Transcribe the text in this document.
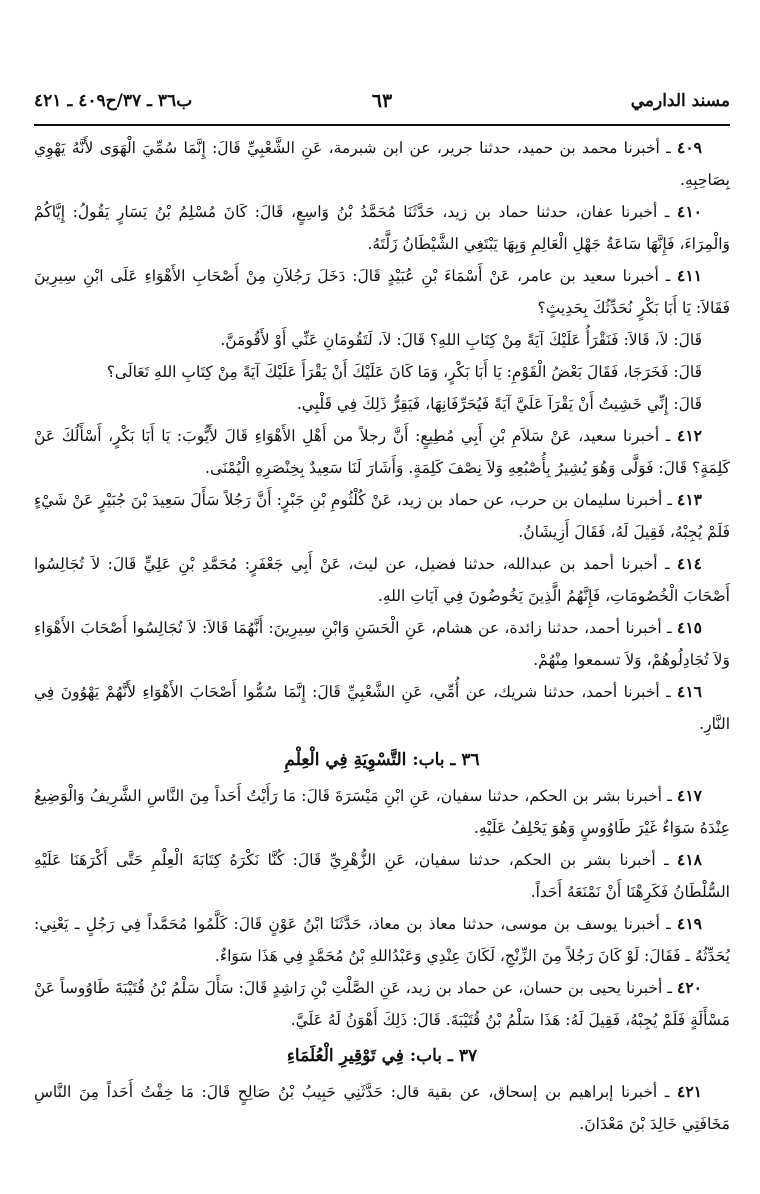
مسند الدارمي
٦٣
ب٣٦ ـ ٣٧/ح٤٠٩ ـ ٤٢١

٤٠٩ ـ أخبرنا محمد بن حميد، حدثنا جرير، عن ابن شبرمة، عَنِ الشَّعْبِيِّ قَالَ: إِنَّمَا سُمِّيَ الْهَوَى لأَنَّهُ يَهْوِي بِصَاحِبِهِ.

٤١٠ ـ أخبرنا عفان، حدثنا حماد بن زيد، حَدَّثَنَا مُحَمَّدُ بْنُ وَاسِعٍ، قَالَ: كَانَ مُسْلِمُ بْنُ يَسَارٍ يَقُولُ: إِيَّاكُمْ وَالْمِرَاءَ، فَإِنَّهَا سَاعَةُ جَهْلِ الْعَالِمِ وَبِهَا يَبْتَغِي الشَّيْطَانُ زَلَّتَهُ.

٤١١ ـ أخبرنا سعيد بن عامر، عَنْ أَسْمَاءَ بْنِ عُبَيْدٍ قَالَ: دَخَلَ رَجُلاَنِ مِنْ أَصْحَابِ الأَهْوَاءِ عَلَى ابْنِ سِيرِينَ فَقَالاَ: يَا أَبَا بَكْرٍ نُحَدِّثُكَ بِحَدِيثٍ؟

قَالَ: لاَ، قَالاَ: فَنَقْرَأُ عَلَيْكَ آيَةً مِنْ كِتَابِ اللهِ؟ قَالَ: لاَ، لَتَقُومَانِ عَنِّي أَوْ لأَقُومَنَّ.

قَالَ: فَخَرَجَا، فَقَالَ بَعْضُ الْقَوْمِ: يَا أَبَا بَكْرٍ، وَمَا كَانَ عَلَيْكَ أَنْ يَقْرَأَ عَلَيْكَ آيَةً مِنْ كِتَابِ اللهِ تَعَالَى؟

قَالَ: إِنِّي خَشِيتُ أَنْ يَقْرَآ عَلَيَّ آيَةً فَيُحَرِّفَانِهَا، فَيَقِرُّ ذَلِكَ فِي قَلْبِي.

٤١٢ ـ أخبرنا سعيد، عَنْ سَلاَمِ بْنِ أَبِي مُطِيعٍ: أَنَّ رجلاً من أَهْلِ الأَهْوَاءِ قَالَ لأَيُّوبَ: يَا أَبَا بَكْرٍ، أَسْأَلُكَ عَنْ كَلِمَةٍ؟ قَالَ: فَوَلَّى وَهُوَ يُشِيرُ بِأُصْبُعِهِ وَلاَ نِصْفَ كَلِمَةٍ. وَأَشَارَ لَنَا سَعِيدٌ بِخِنْصَرِهِ الْيُمْنَى.

٤١٣ ـ أخبرنا سليمان بن حرب، عن حماد بن زيد، عَنْ كُلْثُومِ بْنِ جَبْرٍ: أَنَّ رَجُلاً سَأَلَ سَعِيدَ بْنَ جُبَيْرٍ عَنْ شَيْءٍ فَلَمْ يُجِبْهُ، فَقِيلَ لَهُ، فَقَالَ أَزِيشَانُ.

٤١٤ ـ أخبرنا أحمد بن عبدالله، حدثنا فضيل، عن ليث، عَنْ أَبِي جَعْفَرٍ: مُحَمَّدِ بْنِ عَلِيٍّ قَالَ: لاَ تُجَالِسُوا أَصْحَابَ الْخُصُومَاتِ، فَإِنَّهُمُ الَّذِينَ يَخُوضُونَ فِي آيَاتِ اللهِ.

٤١٥ ـ أخبرنا أحمد، حدثنا زائدة، عن هشام، عَنِ الْحَسَنِ وَابْنِ سِيرِينَ: أَنَّهُمَا قَالاَ: لاَ تُجَالِسُوا أَصْحَابَ الأَهْوَاءِ وَلاَ تُجَادِلُوهُمْ، وَلاَ تسمعوا مِنْهُمْ.

٤١٦ ـ أخبرنا أحمد، حدثنا شريك، عن أُمِّي، عَنِ الشَّعْبِيِّ قَالَ: إِنَّمَا سُمُّوا أَصْحَابَ الأَهْوَاءِ لأَنَّهُمْ يَهْوُونَ فِي النَّارِ.

٣٦ ـ باب: التَّسْوِيَةِ فِي الْعِلْمِ

٤١٧ ـ أخبرنا بشر بن الحكم، حدثنا سفيان، عَنِ ابْنِ مَيْسَرَةَ قَالَ: مَا رَأَيْتُ أَحَداً مِنَ النَّاسِ الشَّرِيفُ وَالْوَضِيعُ عِنْدَهُ سَوَاءٌ غَيْرَ طَاوُوسٍ وَهُوَ يَحْلِفُ عَلَيْهِ.

٤١٨ ـ أخبرنا بشر بن الحكم، حدثنا سفيان، عَنِ الزُّهْرِيِّ قَالَ: كُنَّا نَكْرَهُ كِتَابَةَ الْعِلْمِ حَتَّى أَكْرَهَنَا عَلَيْهِ السُّلْطَانُ فَكَرِهْنَا أَنْ نَمْنَعَهُ أَحَداً.

٤١٩ ـ أخبرنا يوسف بن موسى، حدثنا معاذ بن معاذ، حَدَّثَنَا ابْنُ عَوْنٍ قَالَ: كَلَّمُوا مُحَمَّداً فِي رَجُلٍ ـ يَعْنِي: يُحَدِّثُهُ ـ فَقَالَ: لَوْ كَانَ رَجُلاً مِنَ الزِّنْجِ، لَكَانَ عِنْدِي وَعَبْدُاللهِ بْنُ مُحَمَّدٍ فِي هَذَا سَوَاءٌ.

٤٢٠ ـ أخبرنا يحيى بن حسان، عن حماد بن زيد، عَنِ الصَّلْتِ بْنِ رَاشِدٍ قَالَ: سَأَلَ سَلْمُ بْنُ قُتَيْبَةَ طَاوُوساً عَنْ مَسْأَلَةٍ فَلَمْ يُجِبْهُ، فَقِيلَ لَهُ: هَذَا سَلْمُ بْنُ قُتَيْبَةَ. قَالَ: ذَلِكَ أَهْوَنُ لَهُ عَلَيَّ.

٣٧ ـ باب: فِي تَوْقِيرِ الْعُلَمَاءِ

٤٢١ ـ أخبرنا إبراهيم بن إسحاق، عن بقية قال: حَدَّثَنِي حَبِيبُ بْنُ صَالِحٍ قَالَ: مَا خِفْتُ أَحَداً مِنَ النَّاسِ مَخَافَتِي خَالِدَ بْنَ مَعْدَانَ.
